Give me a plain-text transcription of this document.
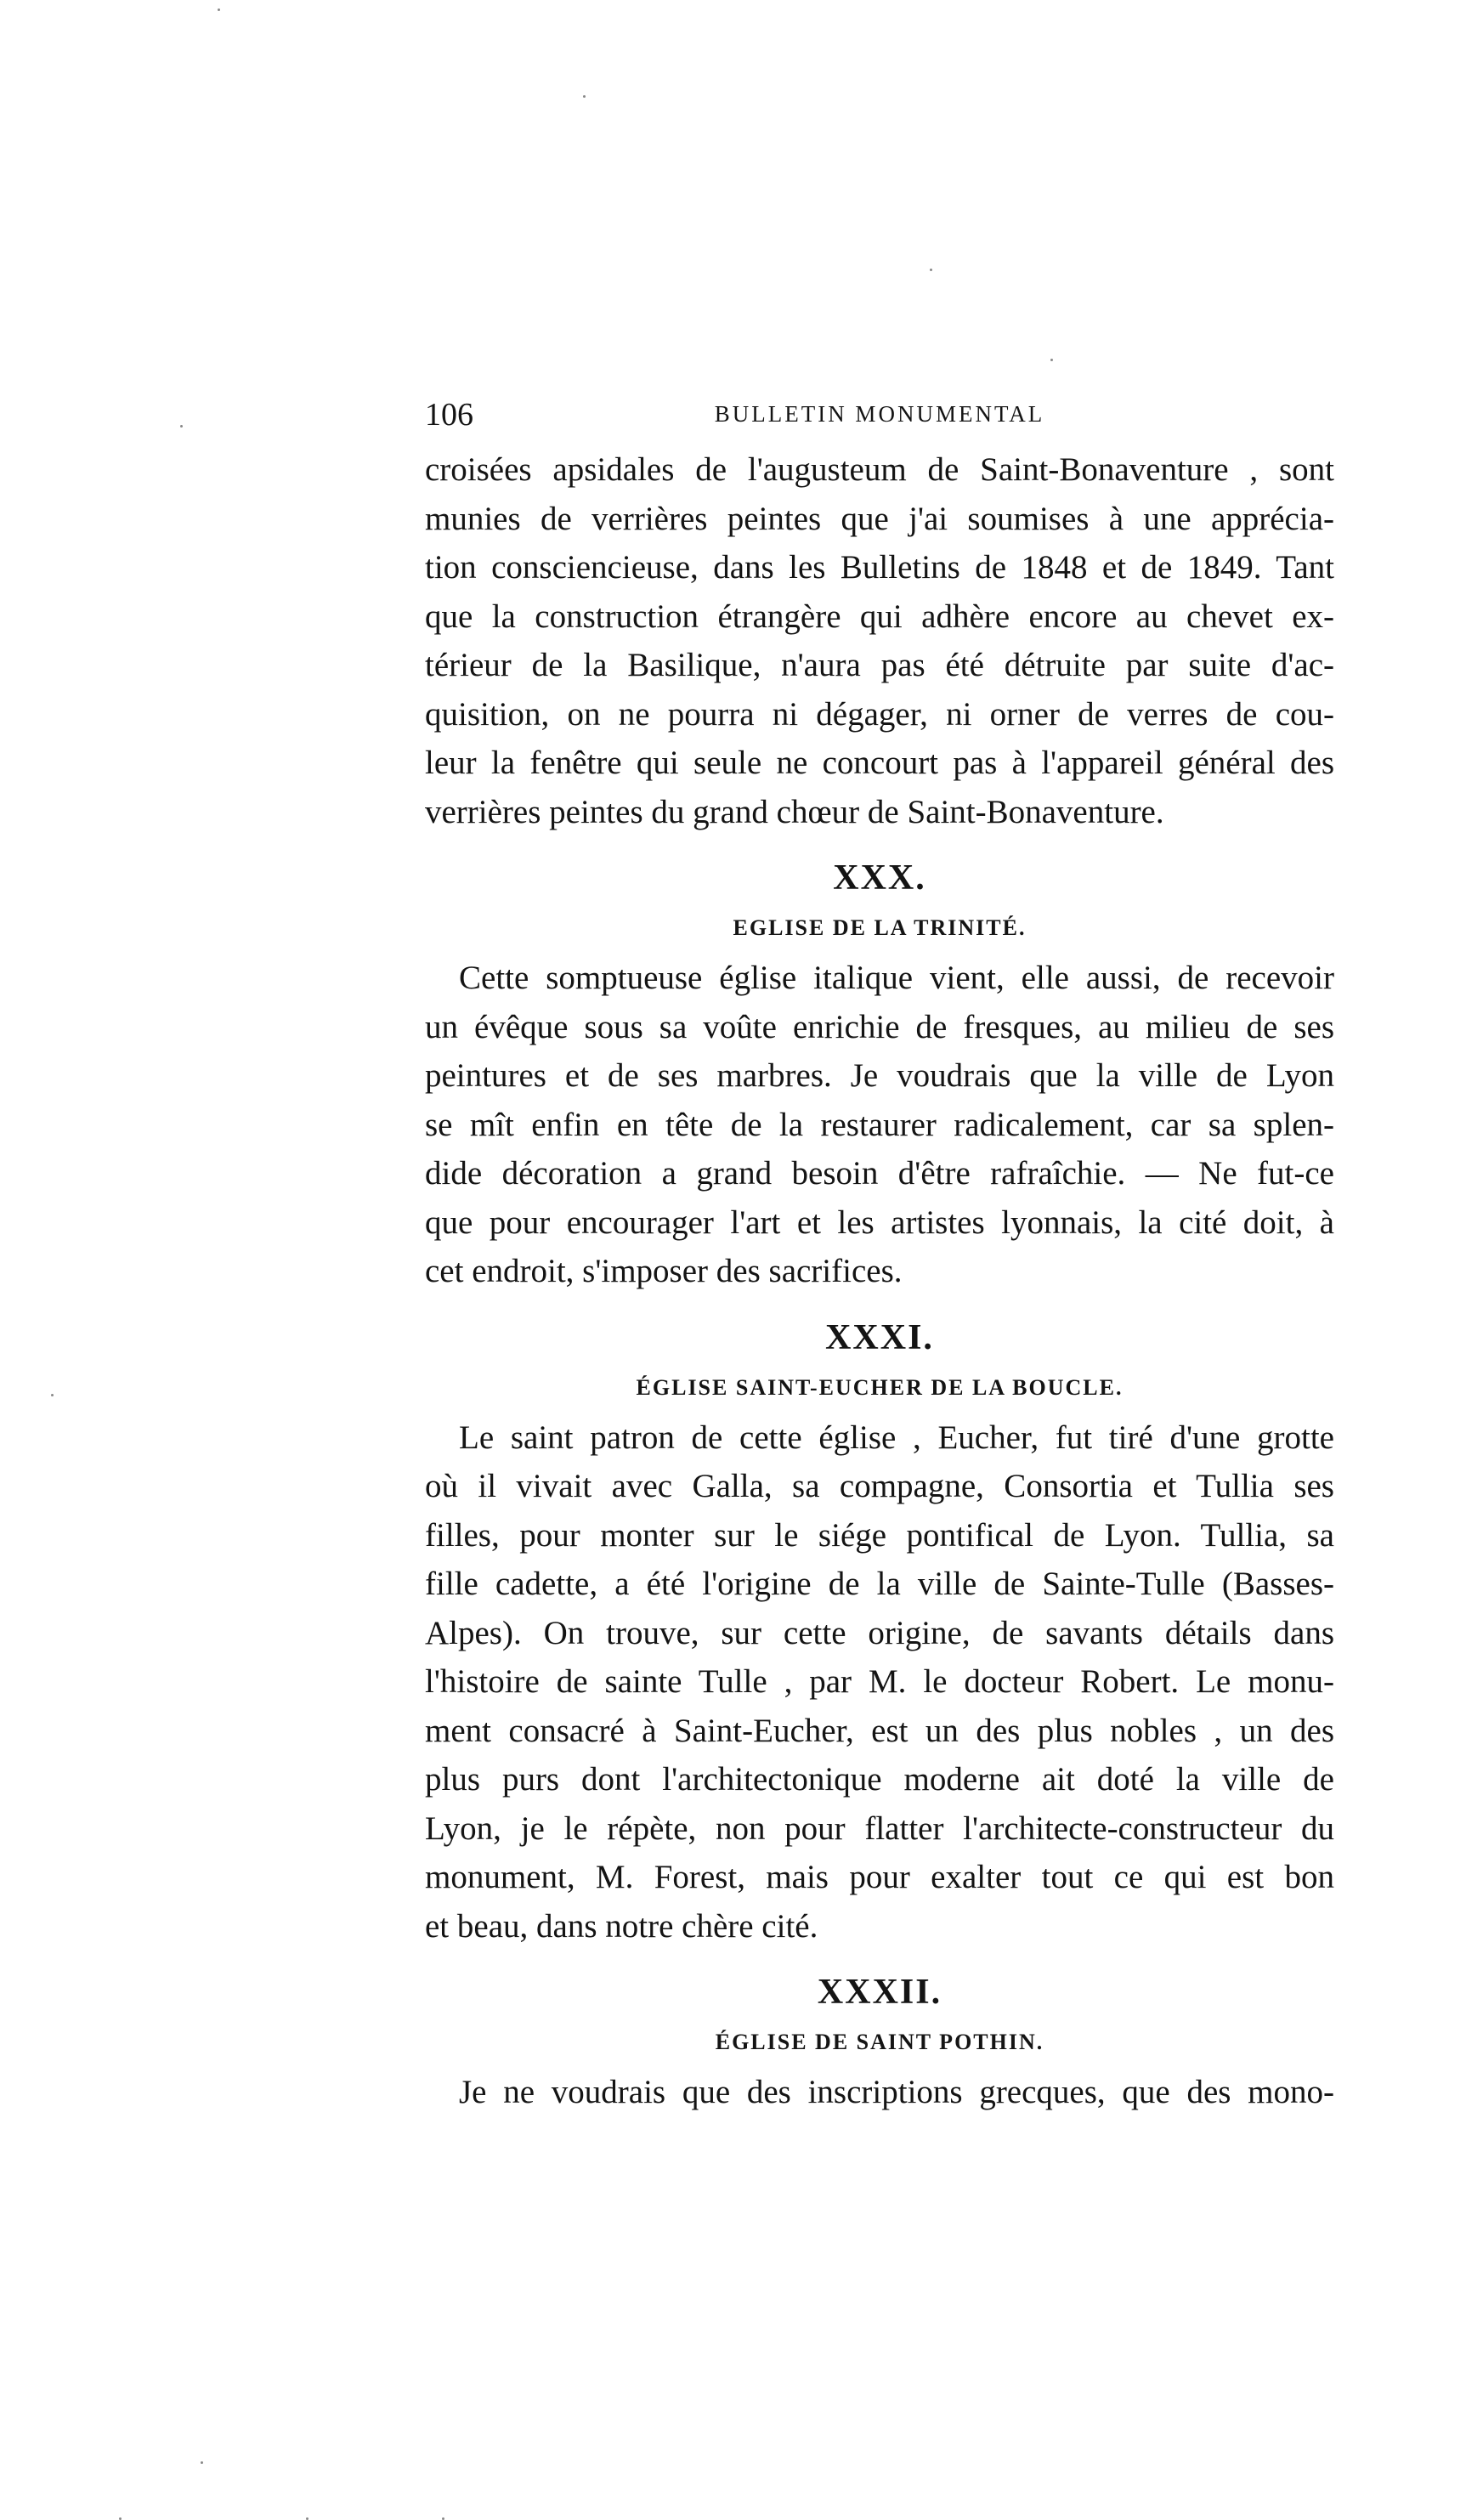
106	BULLETIN MONUMENTAL
croisées apsidales de l'augusteum de Saint-Bonaventure , sont
munies de verrières peintes que j'ai soumises à une apprécia-
tion consciencieuse, dans les Bulletins de 1848 et de 1849. Tant
que la construction étrangère qui adhère encore au chevet ex-
térieur de la Basilique, n'aura pas été détruite par suite d'ac-
quisition, on ne pourra ni dégager, ni orner de verres de cou-
leur la fenêtre qui seule ne concourt pas à l'appareil général des
verrières peintes du grand chœur de Saint-Bonaventure.
XXX.
EGLISE DE LA TRINITÉ.
Cette somptueuse église italique vient, elle aussi, de recevoir
un évêque sous sa voûte enrichie de fresques, au milieu de ses
peintures et de ses marbres. Je voudrais que la ville de Lyon
se mît enfin en tête de la restaurer radicalement, car sa splen-
dide décoration a grand besoin d'être rafraîchie. — Ne fut-ce
que pour encourager l'art et les artistes lyonnais, la cité doit, à
cet endroit, s'imposer des sacrifices.
XXXI.
ÉGLISE SAINT-EUCHER DE LA BOUCLE.
Le saint patron de cette église , Eucher, fut tiré d'une grotte
où il vivait avec Galla, sa compagne, Consortia et Tullia ses
filles, pour monter sur le siége pontifical de Lyon. Tullia, sa
fille cadette, a été l'origine de la ville de Sainte-Tulle (Basses-
Alpes). On trouve, sur cette origine, de savants détails dans
l'histoire de sainte Tulle , par M. le docteur Robert. Le monu-
ment consacré à Saint-Eucher, est un des plus nobles , un des
plus purs dont l'architectonique moderne ait doté la ville de
Lyon, je le répète, non pour flatter l'architecte-constructeur du
monument, M. Forest, mais pour exalter tout ce qui est bon
et beau, dans notre chère cité.
XXXII.
ÉGLISE DE SAINT POTHIN.
Je ne voudrais que des inscriptions grecques, que des mono-
